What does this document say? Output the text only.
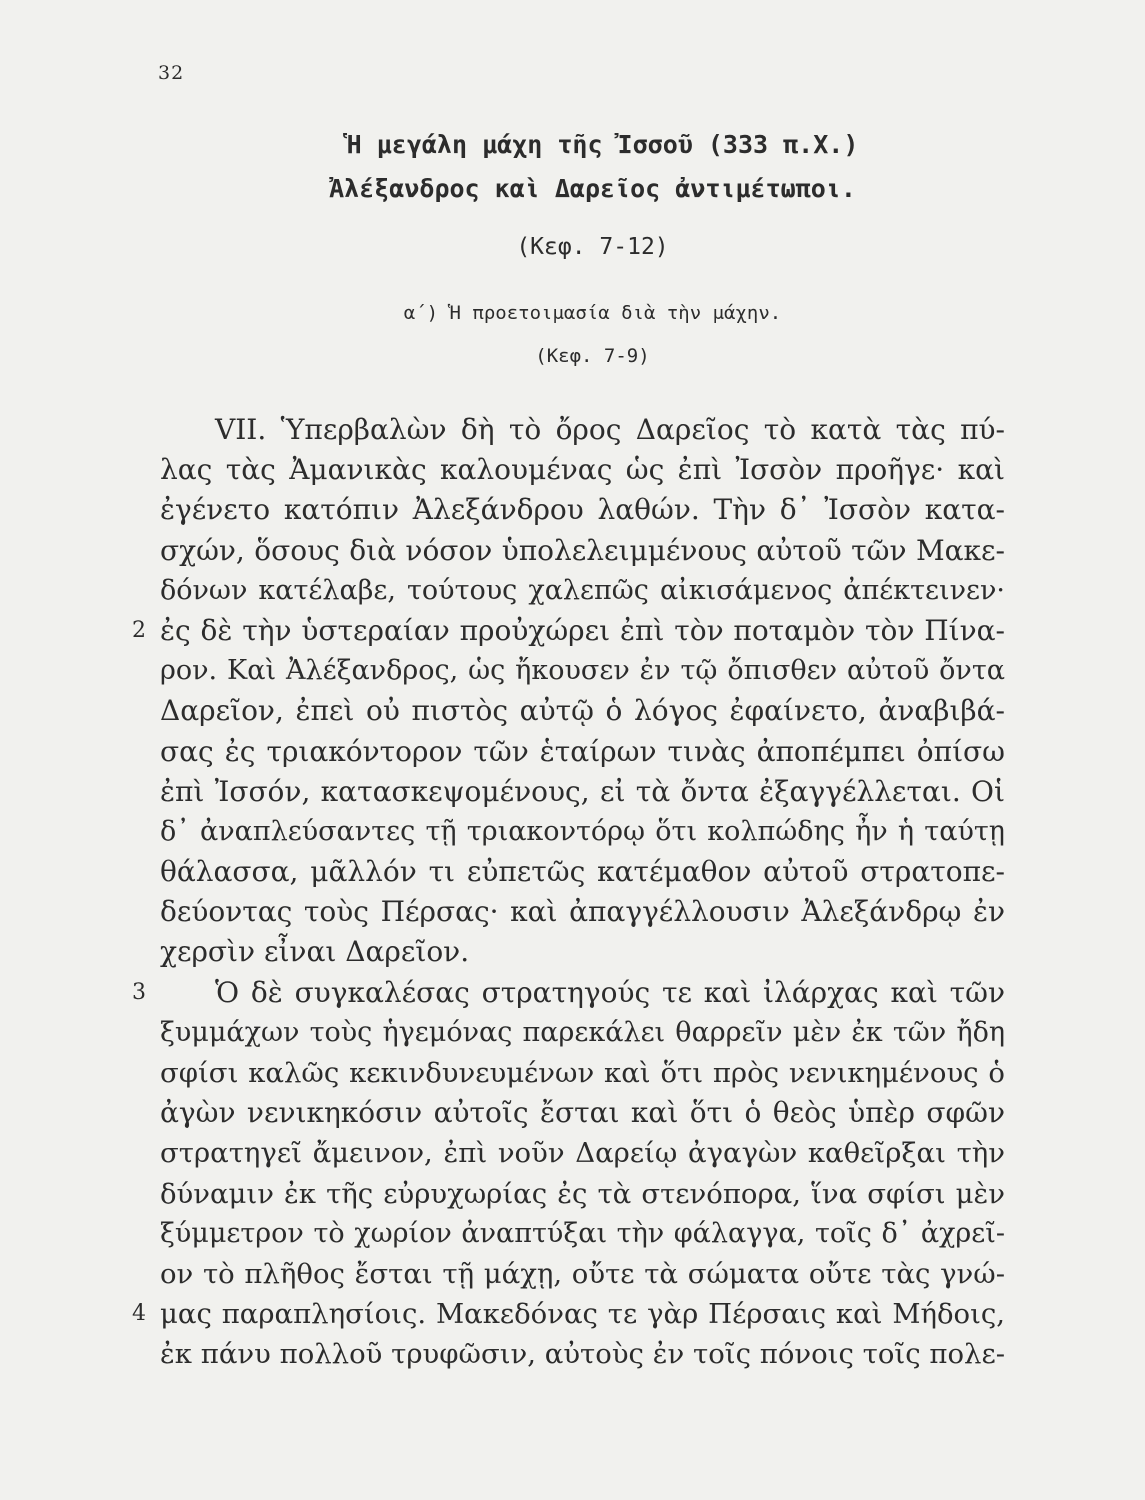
32
Ἡ μεγάλη μάχη τῆς Ἰσσοῦ (333 π.Χ.)
Ἀλέξανδρος καὶ Δαρεῖος ἀντιμέτωποι.
(Κεφ. 7-12)
α΄) Ἡ προετοιμασία διὰ τὴν μάχην.
(Κεφ. 7-9)
VII. Ὑπερβαλὼν δὴ τὸ ὄρος Δαρεῖος τὸ κατὰ τὰς πύ-
λας τὰς Ἀμανικὰς καλουμένας ὡς ἐπὶ Ἰσσὸν προῆγε· καὶ
ἐγένετο κατόπιν Ἀλεξάνδρου λαθών. Τὴν δ᾽ Ἰσσὸν κατα-
σχών, ὅσους διὰ νόσον ὑπολελειμμένους αὐτοῦ τῶν Μακε-
δόνων κατέλαβε, τούτους χαλεπῶς αἰκισάμενος ἀπέκτεινεν·
2 ἐς δὲ τὴν ὑστεραίαν προὐχώρει ἐπὶ τὸν ποταμὸν τὸν Πίνα-
ρον. Καὶ Ἀλέξανδρος, ὡς ἤκουσεν ἐν τῷ ὄπισθεν αὐτοῦ ὄντα
Δαρεῖον, ἐπεὶ οὐ πιστὸς αὐτῷ ὁ λόγος ἐφαίνετο, ἀναβιβά-
σας ἐς τριακόντορον τῶν ἑταίρων τινὰς ἀποπέμπει ὀπίσω
ἐπὶ Ἰσσόν, κατασκεψομένους, εἰ τὰ ὄντα ἐξαγγέλλεται. Οἱ
δ᾽ ἀναπλεύσαντες τῇ τριακοντόρῳ ὅτι κολπώδης ἦν ἡ ταύτῃ
θάλασσα, μᾶλλόν τι εὐπετῶς κατέμαθον αὐτοῦ στρατοπε-
δεύοντας τοὺς Πέρσας· καὶ ἀπαγγέλλουσιν Ἀλεξάνδρῳ ἐν
χερσὶν εἶναι Δαρεῖον.
3 Ὁ δὲ συγκαλέσας στρατηγούς τε καὶ ἰλάρχας καὶ τῶν
ξυμμάχων τοὺς ἡγεμόνας παρεκάλει θαρρεῖν μὲν ἐκ τῶν ἤδη
σφίσι καλῶς κεκινδυνευμένων καὶ ὅτι πρὸς νενικημένους ὁ
ἀγὼν νενικηκόσιν αὐτοῖς ἔσται καὶ ὅτι ὁ θεὸς ὑπὲρ σφῶν
στρατηγεῖ ἄμεινον, ἐπὶ νοῦν Δαρείῳ ἀγαγὼν καθεῖρξαι τὴν
δύναμιν ἐκ τῆς εὐρυχωρίας ἐς τὰ στενόπορα, ἵνα σφίσι μὲν
ξύμμετρον τὸ χωρίον ἀναπτύξαι τὴν φάλαγγα, τοῖς δ᾽ ἀχρεῖ-
ον τὸ πλῆθος ἔσται τῇ μάχῃ, οὔτε τὰ σώματα οὔτε τὰς γνώ-
4 μας παραπλησίοις. Μακεδόνας τε γὰρ Πέρσαις καὶ Μήδοις,
ἐκ πάνυ πολλοῦ τρυφῶσιν, αὐτοὺς ἐν τοῖς πόνοις τοῖς πολε-
